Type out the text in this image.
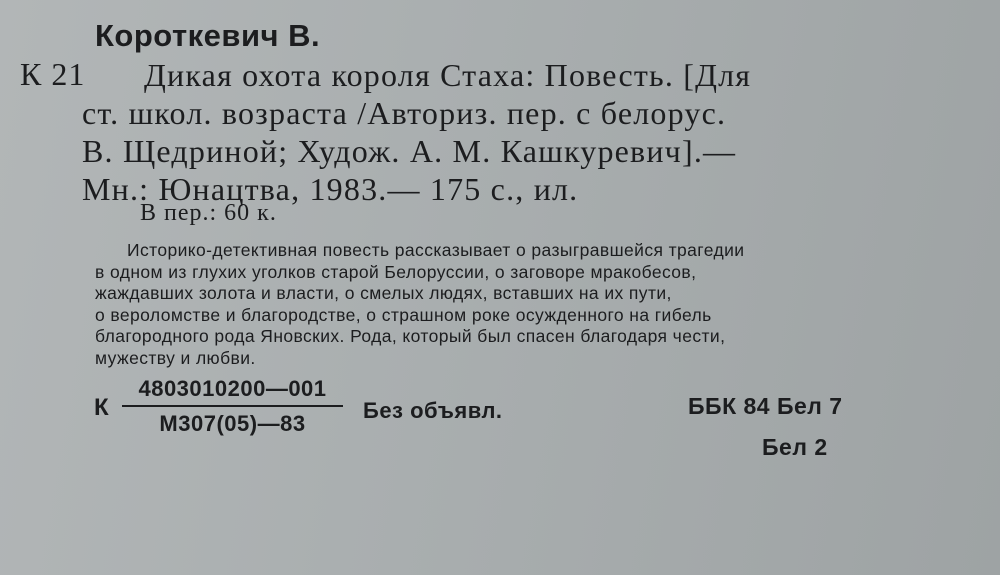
Короткевич В.
К 21	Дикая охота короля Стаха: Повесть. [Для
ст. школ. возраста /Авториз. пер. с белорус.
В. Щедриной; Худож. А. М. Кашкуревич].—
Мн.: Юнацтва, 1983.— 175 с., ил.
В пер.: 60 к.
Историко-детективная повесть рассказывает о разыгравшейся трагедии
в одном из глухих уголков старой Белоруссии, о заговоре мракобесов,
жаждавших золота и власти, о смелых людях, вставших на их пути,
о вероломстве и благородстве, о страшном роке осужденного на гибель
благородного рода Яновских. Рода, который был спасен благодаря чести,
мужеству и любви.
К
4803010200—001
М307(05)—83
Без объявл.	ББК 84 Бел 7
Бел 2
